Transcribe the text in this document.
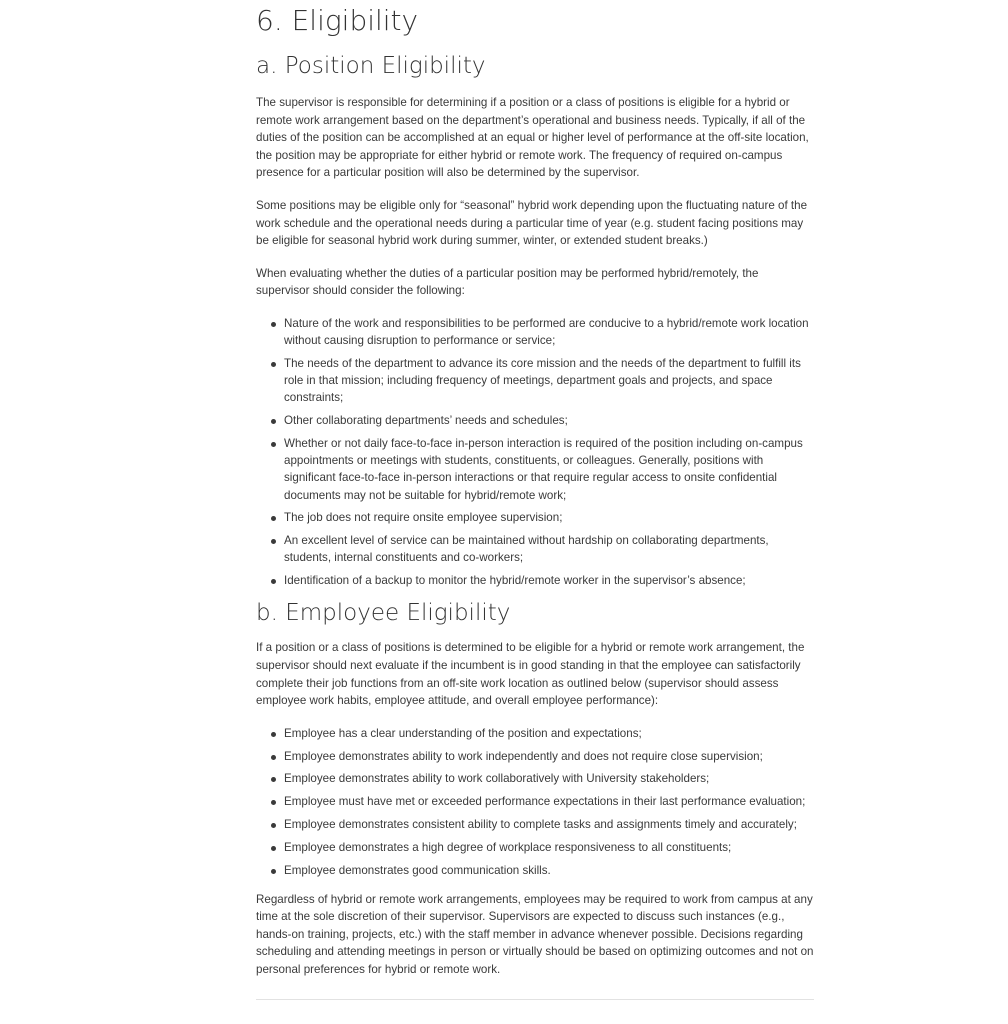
6. Eligibility
a. Position Eligibility

The supervisor is responsible for determining if a position or a class of positions is eligible for a hybrid or remote work arrangement based on the department’s operational and business needs. Typically, if all of the duties of the position can be accomplished at an equal or higher level of performance at the off-site location, the position may be appropriate for either hybrid or remote work. The frequency of required on-campus presence for a particular position will also be determined by the supervisor.

Some positions may be eligible only for “seasonal” hybrid work depending upon the fluctuating nature of the work schedule and the operational needs during a particular time of year (e.g. student facing positions may be eligible for seasonal hybrid work during summer, winter, or extended student breaks.)

When evaluating whether the duties of a particular position may be performed hybrid/remotely, the supervisor should consider the following:

Nature of the work and responsibilities to be performed are conducive to a hybrid/remote work location without causing disruption to performance or service;
The needs of the department to advance its core mission and the needs of the department to fulfill its role in that mission; including frequency of meetings, department goals and projects, and space constraints;
Other collaborating departments’ needs and schedules;
Whether or not daily face-to-face in-person interaction is required of the position including on-campus appointments or meetings with students, constituents, or colleagues. Generally, positions with significant face-to-face in-person interactions or that require regular access to onsite confidential documents may not be suitable for hybrid/remote work;
The job does not require onsite employee supervision;
An excellent level of service can be maintained without hardship on collaborating departments, students, internal constituents and co-workers;
Identification of a backup to monitor the hybrid/remote worker in the supervisor’s absence;
b. Employee Eligibility

If a position or a class of positions is determined to be eligible for a hybrid or remote work arrangement, the supervisor should next evaluate if the incumbent is in good standing in that the employee can satisfactorily complete their job functions from an off-site work location as outlined below (supervisor should assess employee work habits, employee attitude, and overall employee performance):

Employee has a clear understanding of the position and expectations;
Employee demonstrates ability to work independently and does not require close supervision;
Employee demonstrates ability to work collaboratively with University stakeholders;
Employee must have met or exceeded performance expectations in their last performance evaluation;
Employee demonstrates consistent ability to complete tasks and assignments timely and accurately;
Employee demonstrates a high degree of workplace responsiveness to all constituents;
Employee demonstrates good communication skills.

Regardless of hybrid or remote work arrangements, employees may be required to work from campus at any time at the sole discretion of their supervisor. Supervisors are expected to discuss such instances (e.g., hands-on training, projects, etc.) with the staff member in advance whenever possible. Decisions regarding scheduling and attending meetings in person or virtually should be based on optimizing outcomes and not on personal preferences for hybrid or remote work.
